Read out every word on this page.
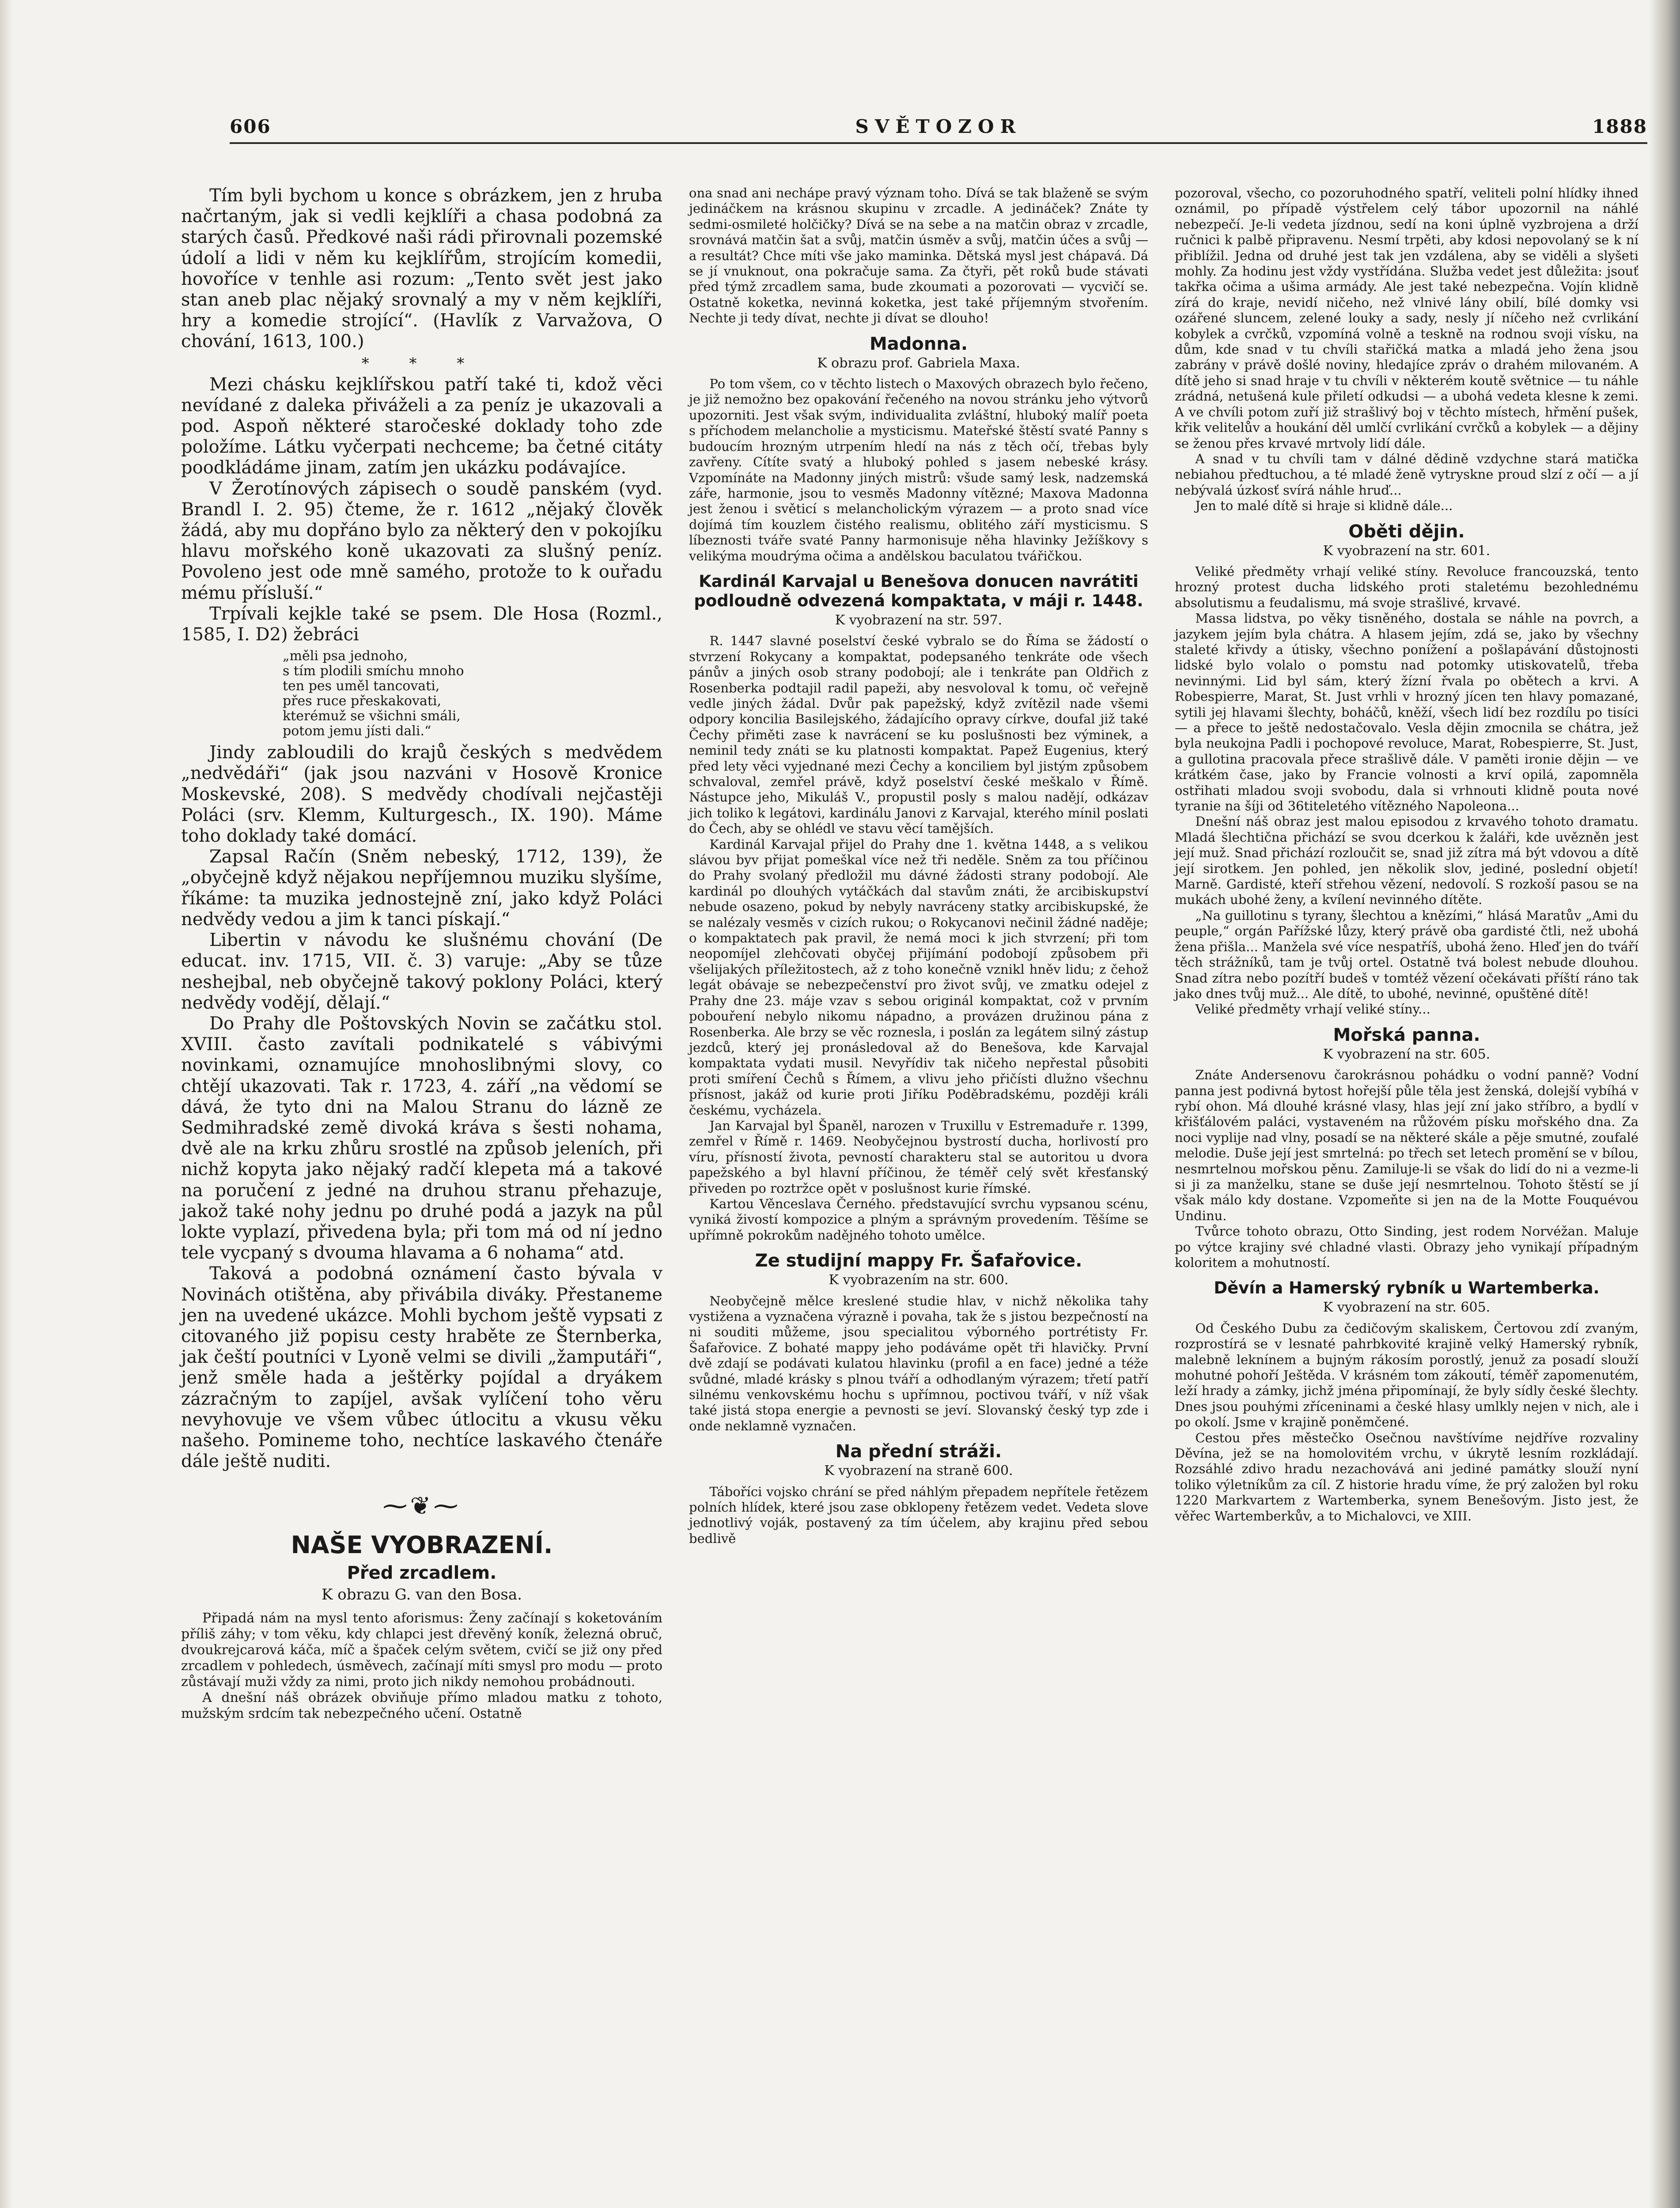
606	SVĚTOZOR	1888

Tím byli bychom u konce s obrázkem, jen z hruba načrtaným, jak si vedli kejklíři a chasa podobná za starých časů. Předkové naši rádi přirovnali pozemské údolí a lidi v něm ku kejklířům, strojícím komedii, hovoříce v tenhle asi rozum: „Tento svět jest jako stan aneb plac nějaký srovnalý a my v něm kejklíři, hry a komedie strojící“. (Havlík z Varvažova, O chování, 1613, 100.)

* * *

Mezi chásku kejklířskou patří také ti, kdož věci nevídané z daleka přiváželi a za peníz je ukazovali a pod. Aspoň některé staročeské doklady toho zde položíme. Látku vyčerpati nechceme; ba četné citáty poodkládáme jinam, zatím jen ukázku podávajíce.

V Žerotínových zápisech o soudě panském (vyd. Brandl I. 2. 95) čteme, že r. 1612 „nějaký člověk žádá, aby mu dopřáno bylo za některý den v pokojíku hlavu mořského koně ukazovati za slušný peníz. Povoleno jest ode mně samého, protože to k ouřadu mému přísluší.“

Trpívali kejkle také se psem. Dle Hosa (Rozml., 1585, I. D2) žebráci

„měli psa jednoho,
s tím plodili smíchu mnoho
ten pes uměl tancovati,
přes ruce přeskakovati,
kterémuž se všichni smáli,
potom jemu jísti dali.“

Jindy zabloudili do krajů českých s medvědem „nedvědáři“ (jak jsou nazváni v Hosově Kronice Moskevské, 208). S medvědy chodívali nejčastěji Poláci (srv. Klemm, Kulturgesch., IX. 190). Máme toho doklady také domácí.

Zapsal Račín (Sněm nebeský, 1712, 139), že „obyčejně když nějakou nepříjemnou muziku slyšíme, říkáme: ta muzika jednostejně zní, jako když Poláci nedvědy vedou a jim k tanci pískají.“

Libertin v návodu ke slušnému chování (De educat. inv. 1715, VII. č. 3) varuje: „Aby se tůze neshejbal, neb obyčejně takový poklony Poláci, který nedvědy vodějí, dělají.“

Do Prahy dle Poštovských Novin se začátku stol. XVIII. často zavítali podnikatelé s vábivými novinkami, oznamujíce mnohoslibnými slovy, co chtějí ukazovati. Tak r. 1723, 4. září „na vědomí se dává, že tyto dni na Malou Stranu do lázně ze Sedmihradské země divoká kráva s šesti nohama, dvě ale na krku zhůru srostlé na způsob jeleních, při nichž kopyta jako nějaký radčí klepeta má a takové na poručení z jedné na druhou stranu přehazuje, jakož také nohy jednu po druhé podá a jazyk na půl lokte vyplazí, přivedena byla; při tom má od ní jedno tele vycpaný s dvouma hlavama a 6 nohama“ atd.

Taková a podobná oznámení často bývala v Novinách otištěna, aby přivábila diváky. Přestaneme jen na uvedené ukázce. Mohli bychom ještě vypsati z citovaného již popisu cesty hraběte ze Šternberka, jak čeští poutníci v Lyoně velmi se divili „žamputáři“, jenž směle hada a ještěrky pojídal a dryákem zázračným to zapíjel, avšak vylíčení toho věru nevyhovuje ve všem vůbec útlocitu a vkusu věku našeho. Pomineme toho, nechtíce laskavého čtenáře dále ještě nuditi.

⁓❦⁓
NAŠE VYOBRAZENÍ.
Před zrcadlem.
K obrazu G. van den Bosa.

Připadá nám na mysl tento aforismus: Ženy začínají s koketováním příliš záhy; v tom věku, kdy chlapci jest dřevěný koník, železná obruč, dvoukrejcarová káča, míč a špaček celým světem, cvičí se již ony před zrcadlem v pohledech, úsměvech, začínají míti smysl pro modu — proto zůstávají muži vždy za nimi, proto jich nikdy nemohou probádnouti.

A dnešní náš obrázek obviňuje přímo mladou matku z tohoto, mužským srdcím tak nebezpečného učení. Ostatně

ona snad ani nechápe pravý význam toho. Dívá se tak blaženě se svým jedináčkem na krásnou skupinu v zrcadle. A jedináček? Znáte ty sedmi-osmileté holčičky? Dívá se na sebe a na matčin obraz v zrcadle, srovnává matčin šat a svůj, matčin úsměv a svůj, matčin účes a svůj — a resultát? Chce míti vše jako maminka. Dětská mysl jest chápavá. Dá se jí vnuknout, ona pokračuje sama. Za čtyři, pět roků bude stávati před týmž zrcadlem sama, bude zkoumati a pozorovati — vycvičí se. Ostatně koketka, nevinná koketka, jest také příjemným stvořením. Nechte ji tedy dívat, nechte ji dívat se dlouho!

Madonna.
K obrazu prof. Gabriela Maxa.

Po tom všem, co v těchto listech o Maxových obrazech bylo řečeno, je již nemožno bez opakování řečeného na novou stránku jeho výtvorů upozorniti. Jest však svým, individualita zvláštní, hluboký malíř poeta s příchodem melancholie a mysticismu. Mateřské štěstí svaté Panny s budoucím hrozným utrpením hledí na nás z těch očí, třebas byly zavřeny. Cítíte svatý a hluboký pohled s jasem nebeské krásy. Vzpomínáte na Madonny jiných mistrů: všude samý lesk, nadzemská záře, harmonie, jsou to vesměs Madonny vítězné; Maxova Madonna jest ženou i světicí s melancholickým výrazem — a proto snad více dojímá tím kouzlem čistého realismu, oblitého září mysticismu. S líbeznosti tváře svaté Panny harmonisuje něha hlavinky Ježíškovy s velikýma moudrýma očima a andělskou baculatou tvářičkou.

Kardinál Karvajal u Benešova donucen navrátiti podloudně odvezená kompaktata, v máji r. 1448.
K vyobrazení na str. 597.

R. 1447 slavné poselství české vybralo se do Říma se žádostí o stvrzení Rokycany a kompaktat, podepsaného tenkráte ode všech pánův a jiných osob strany podobojí; ale i tenkráte pan Oldřich z Rosenberka podtajil radil papeži, aby nesvoloval k tomu, oč veřejně vedle jiných žádal. Dvůr pak papežský, když zvítězil nade všemi odpory koncilia Basilejského, žádajícího opravy církve, doufal již také Čechy přiměti zase k navrácení se ku poslušnosti bez výminek, a neminil tedy znáti se ku platnosti kompaktat. Papež Eugenius, který před lety věci vyjednané mezi Čechy a konciliem byl jistým způsobem schvaloval, zemřel právě, když poselství české meškalo v Římě. Nástupce jeho, Mikuláš V., propustil posly s malou nadějí, odkázav jich toliko k legátovi, kardinálu Janovi z Karvajal, kterého mínil poslati do Čech, aby se ohlédl ve stavu věcí tamějších.

Kardinál Karvajal přijel do Prahy dne 1. května 1448, a s velikou slávou byv přijat pomeškal více než tři neděle. Sněm za tou příčinou do Prahy svolaný předložil mu dávné žádosti strany podobojí. Ale kardinál po dlouhých vytáčkách dal stavům znáti, že arcibiskupství nebude osazeno, pokud by nebyly navráceny statky arcibiskupské, že se nalézaly vesměs v cizích rukou; o Rokycanovi nečinil žádné naděje; o kompaktatech pak pravil, že nemá moci k jich stvrzení; při tom neopomíjel zlehčovati obyčej přijímání podobojí způsobem při všelijakých příležitostech, až z toho konečně vznikl hněv lidu; z čehož legát obávaje se nebezpečenství pro život svůj, ve zmatku odejel z Prahy dne 23. máje vzav s sebou originál kompaktat, což v prvním pobouření nebylo nikomu nápadno, a provázen družinou pána z Rosenberka. Ale brzy se věc roznesla, i poslán za legátem silný zástup jezdců, který jej pronásledoval až do Benešova, kde Karvajal kompaktata vydati musil. Nevyřídiv tak ničeho nepřestal působiti proti smíření Čechů s Římem, a vlivu jeho přičísti dlužno všechnu přísnost, jakáž od kurie proti Jiříku Poděbradskému, později králi českému, vycházela.

Jan Karvajal byl Španěl, narozen v Truxillu v Estremaduře r. 1399, zemřel v Římě r. 1469. Neobyčejnou bystrostí ducha, horlivostí pro víru, přísností života, pevností charakteru stal se autoritou u dvora papežského a byl hlavní příčinou, že téměř celý svět křesťanský přiveden po roztržce opět v poslušnost kurie římské.

Kartou Věnceslava Černého. představující svrchu vypsanou scénu, vyniká živostí kompozice a plným a správným provedením. Těšíme se upřímně pokrokům nadějného tohoto umělce.

Ze studijní mappy Fr. Šafařovice.
K vyobrazením na str. 600.

Neobyčejně mělce kreslené studie hlav, v nichž několika tahy vystižena a vyznačena výrazně i povaha, tak že s jistou bezpečností na ni souditi můžeme, jsou specialitou výborného portrétisty Fr. Šafařovice. Z bohaté mappy jeho podáváme opět tři hlavičky. První dvě zdají se podávati kulatou hlavinku (profil a en face) jedné a téže svůdné, mladé krásky s plnou tváří a odhodlaným výrazem; třetí patří silnému venkovskému hochu s upřímnou, poctivou tváří, v níž však také jistá stopa energie a pevnosti se jeví. Slovanský český typ zde i onde neklamně vyznačen.

Na přední stráži.
K vyobrazení na straně 600.

Táboříci vojsko chrání se před náhlým přepadem nepřítele řetězem polních hlídek, které jsou zase obklopeny řetězem vedet. Vedeta slove jednotlivý voják, postavený za tím účelem, aby krajinu před sebou bedlivě

pozoroval, všecho, co pozoruhodného spatří, veliteli polní hlídky ihned oznámil, po případě výstřelem celý tábor upozornil na náhlé nebezpečí. Je-li vedeta jízdnou, sedí na koni úplně vyzbrojena a drží ručnici k palbě připravenu. Nesmí trpěti, aby kdosi nepovolaný se k ní přiblížil. Jedna od druhé jest tak jen vzdálena, aby se viděli a slyšeti mohly. Za hodinu jest vždy vystřídána. Služba vedet jest důležita: jsouť takřka očima a ušima armády. Ale jest také nebezpečna. Vojín klidně zírá do kraje, nevidí ničeho, než vlnivé lány obilí, bílé domky vsi ozářené sluncem, zelené louky a sady, nesly jí níčeho než cvrlikání kobylek a cvrčků, vzpomíná volně a teskně na rodnou svoji vísku, na dům, kde snad v tu chvíli stařičká matka a mladá jeho žena jsou zabrány v právě došlé noviny, hledajíce zpráv o drahém milovaném. A dítě jeho si snad hraje v tu chvíli v některém koutě světnice — tu náhle zrádná, netušená kule přiletí odkudsi — a ubohá vedeta klesne k zemi. A ve chvíli potom zuří již strašlivý boj v těchto místech, hřmění pušek, křik velitelův a houkání děl umlčí cvrlikání cvrčků a kobylek — a dějiny se ženou přes krvavé mrtvoly lidí dále.

A snad v tu chvíli tam v dálné dědině vzdychne stará matička nebiahou předtuchou, a té mladé ženě vytryskne proud slzí z očí — a jí nebývalá úzkosť svírá náhle hruď...

Jen to malé dítě si hraje si klidně dále...

Oběti dějin.
K vyobrazení na str. 601.

Veliké předměty vrhají veliké stíny. Revoluce francouzská, tento hrozný protest ducha lidského proti staletému bezohlednému absolutismu a feudalismu, má svoje strašlivé, krvavé.

Massa lidstva, po věky tisněného, dostala se náhle na povrch, a jazykem jejím byla chátra. A hlasem jejím, zdá se, jako by všechny staleté křivdy a útisky, všechno ponížení a pošlapávání důstojnosti lidské bylo volalo o pomstu nad potomky utiskovatelů, třeba nevinnými. Lid byl sám, který žízní řvala po obětech a krvi. A Robespierre, Marat, St. Just vrhli v hrozný jícen ten hlavy pomazané, sytili jej hlavami šlechty, boháčů, kněží, všech lidí bez rozdílu po tisíci — a přece to ještě nedostačovalo. Vesla dějin zmocnila se chátra, jež byla neukojna Padli i pochopové revoluce, Marat, Robespierre, St. Just, a gullotina pracovala přece strašlivě dále. V paměti ironie dějin — ve krátkém čase, jako by Francie volnosti a krví opilá, zapomněla ostřihati mladou svoji svobodu, dala si vrhnouti klidně pouta nové tyranie na šíji od 36titeletého vítězného Napoleona...

Dnešní náš obraz jest malou episodou z krvavého tohoto dramatu. Mladá šlechtična přichází se svou dcerkou k žaláři, kde uvězněn jest její muž. Snad přichází rozloučit se, snad již zítra má být vdovou a dítě její sirotkem. Jen pohled, jen několik slov, jediné, poslední objetí! Marně. Gardisté, kteří střehou vězení, nedovolí. S rozkoší pasou se na mukách ubohé ženy, a kvílení nevinného dítěte.

„Na guillotinu s tyrany, šlechtou a knězími,“ hlásá Maratův „Ami du peuple,“ orgán Pařížské lůzy, který právě oba gardisté čtli, než ubohá žena přišla... Manžela své více nespatříš, ubohá ženo. Hleď jen do tváří těch strážníků, tam je tvůj ortel. Ostatně tvá bolest nebude dlouhou. Snad zítra nebo pozítří budeš v tomtéž vězení očekávati příští ráno tak jako dnes tvůj muž... Ale dítě, to ubohé, nevinné, opuštěné dítě!

Veliké předměty vrhají veliké stíny...

Mořská panna.
K vyobrazení na str. 605.

Znáte Andersenovu čarokrásnou pohádku o vodní panně? Vodní panna jest podivná bytost hořejší půle těla jest ženská, dolejší vybíhá v rybí ohon. Má dlouhé krásné vlasy, hlas její zní jako stříbro, a bydlí v křišťálovém paláci, vystaveném na růžovém písku mořského dna. Za noci vyplije nad vlny, posadí se na některé skále a pěje smutné, zoufalé melodie. Duše její jest smrtelná: po třech set letech promění se v bílou, nesmrtelnou mořskou pěnu. Zamiluje-li se však do lidí do ni a vezme-li si ji za manželku, stane se duše její nesmrtelnou. Tohoto štěstí se jí však málo kdy dostane. Vzpomeňte si jen na de la Motte Fouquévou Undinu.

Tvůrce tohoto obrazu, Otto Sinding, jest rodem Norvéžan. Maluje po výtce krajiny své chladné vlasti. Obrazy jeho vynikají případným koloritem a mohutností.

Děvín a Hamerský rybník u Wartemberka.
K vyobrazení na str. 605.

Od Českého Dubu za čedičovým skaliskem, Čertovou zdí zvaným, rozprostírá se v lesnaté pahrbkovité krajině velký Hamerský rybník, malebně leknínem a bujným rákosím porostlý, jenuž za posadí slouží mohutné pohoří Ještěda. V krásném tom zákoutí, téměř zapomenutém, leží hrady a zámky, jichž jména připomínají, že byly sídly české šlechty. Dnes jsou pouhými zříceninami a české hlasy umlkly nejen v nich, ale i po okolí. Jsme v krajině poněmčené.

Cestou přes městečko Osečnou navštívíme nejdříve rozvaliny Děvína, jež se na homolovitém vrchu, v úkrytě lesním rozkládají. Rozsáhlé zdivo hradu nezachovává ani jediné památky slouží nyní toliko výletníkům za cíl. Z historie hradu víme, že prý založen byl roku 1220 Markvartem z Wartemberka, synem Benešovým. Jisto jest, že věřec Wartemberkův, a to Michalovci, ve XIII.
